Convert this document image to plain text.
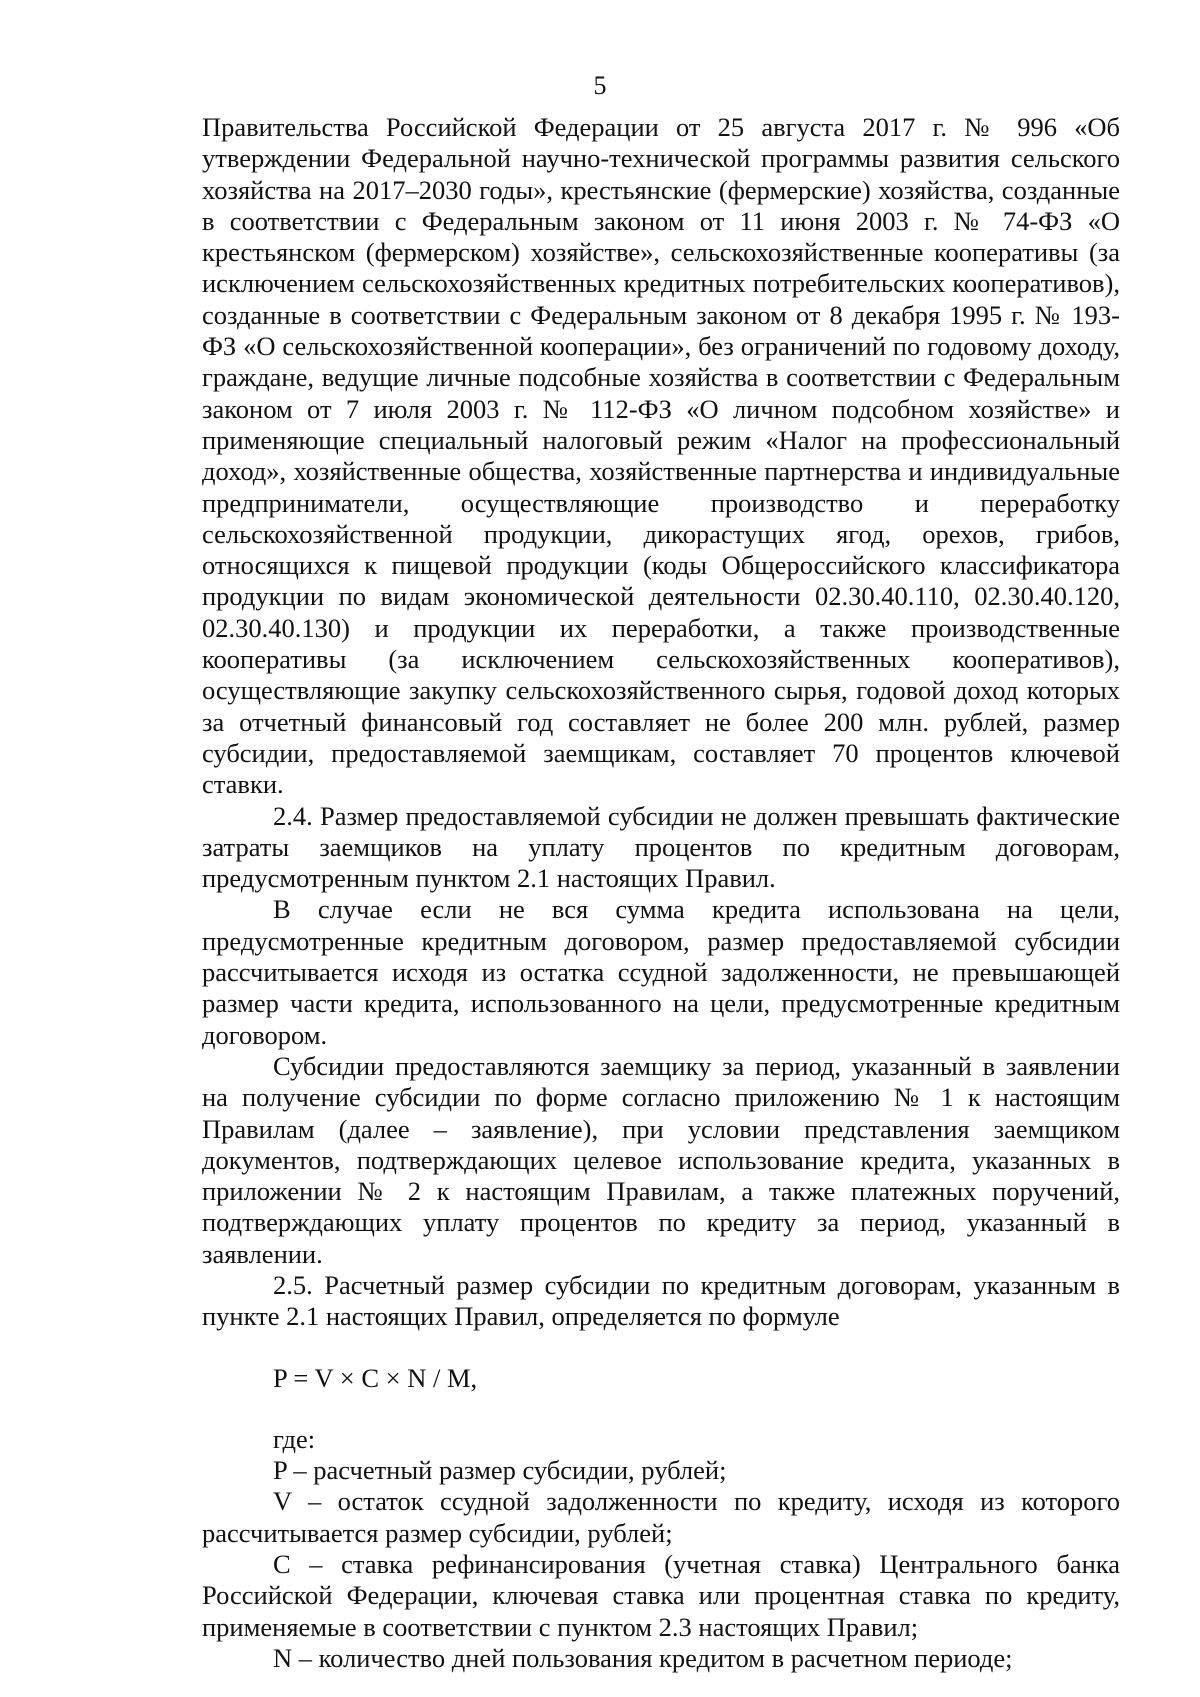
5

Правительства Российской Федерации от 25 августа 2017 г. № 996 «Об утверждении Федеральной научно-технической программы развития сельского хозяйства на 2017–2030 годы», крестьянские (фермерские) хозяйства, созданные в соответствии с Федеральным законом от 11 июня 2003 г. № 74-ФЗ «О крестьянском (фермерском) хозяйстве», сельскохозяйственные кооперативы (за исключением сельскохозяйственных кредитных потребительских кооперативов), созданные в соответствии с Федеральным законом от 8 декабря 1995 г. № 193-ФЗ «О сельскохозяйственной кооперации», без ограничений по годовому доходу, граждане, ведущие личные подсобные хозяйства в соответствии с Федеральным законом от 7 июля 2003 г. № 112-ФЗ «О личном подсобном хозяйстве» и применяющие специальный налоговый режим «Налог на профессиональный доход», хозяйственные общества, хозяйственные партнерства и индивидуальные предприниматели, осуществляющие производство и переработку сельскохозяйственной продукции, дикорастущих ягод, орехов, грибов, относящихся к пищевой продукции (коды Общероссийского классификатора продукции по видам экономической деятельности 02.30.40.110, 02.30.40.120, 02.30.40.130) и продукции их переработки, а также производственные кооперативы (за исключением сельскохозяйственных кооперативов), осуществляющие закупку сельскохозяйственного сырья, годовой доход которых за отчетный финансовый год составляет не более 200 млн. рублей, размер субсидии, предоставляемой заемщикам, составляет 70 процентов ключевой ставки.

2.4. Размер предоставляемой субсидии не должен превышать фактические затраты заемщиков на уплату процентов по кредитным договорам, предусмотренным пунктом 2.1 настоящих Правил.

В случае если не вся сумма кредита использована на цели, предусмотренные кредитным договором, размер предоставляемой субсидии рассчитывается исходя из остатка ссудной задолженности, не превышающей размер части кредита, использованного на цели, предусмотренные кредитным договором.

Субсидии предоставляются заемщику за период, указанный в заявлении на получение субсидии по форме согласно приложению № 1 к настоящим Правилам (далее – заявление), при условии представления заемщиком документов, подтверждающих целевое использование кредита, указанных в приложении № 2 к настоящим Правилам, а также платежных поручений, подтверждающих уплату процентов по кредиту за период, указанный в заявлении.

2.5. Расчетный размер субсидии по кредитным договорам, указанным в пункте 2.1 настоящих Правил, определяется по формуле

P = V × C × N / M,

где:

P – расчетный размер субсидии, рублей;

V – остаток ссудной задолженности по кредиту, исходя из которого рассчитывается размер субсидии, рублей;

C – ставка рефинансирования (учетная ставка) Центрального банка Российской Федерации, ключевая ставка или процентная ставка по кредиту, применяемые в соответствии с пунктом 2.3 настоящих Правил;

N – количество дней пользования кредитом в расчетном периоде;
